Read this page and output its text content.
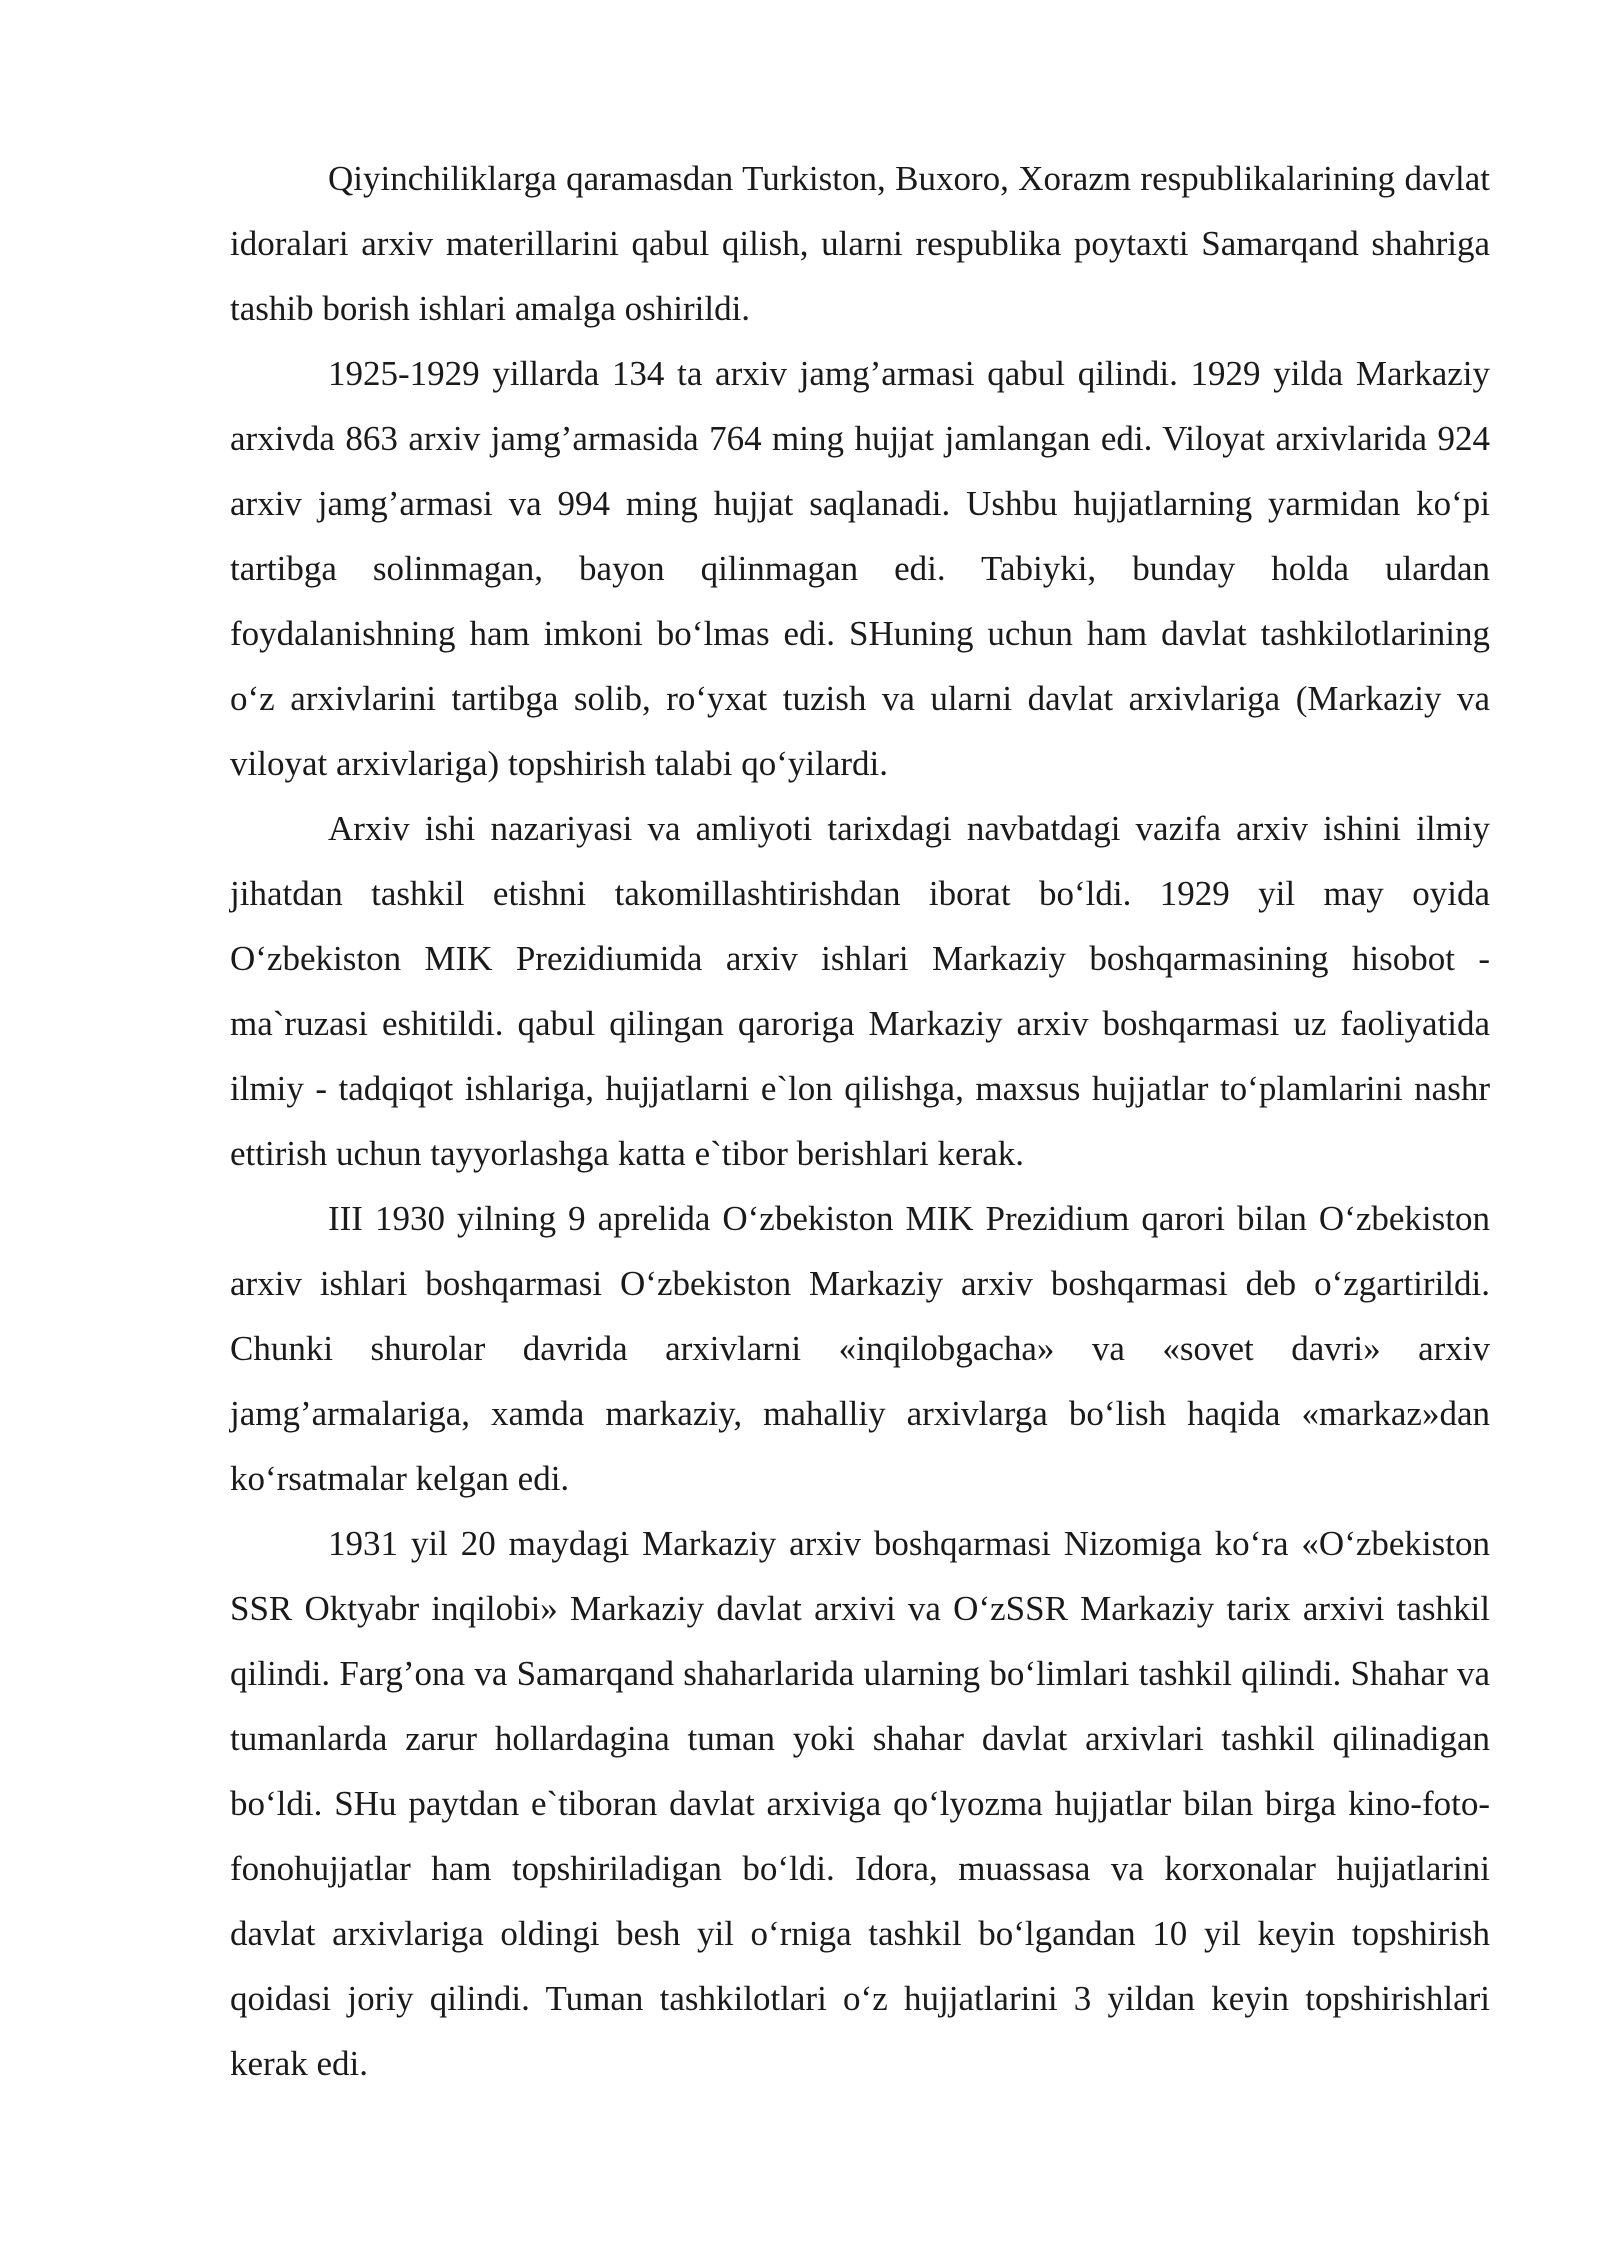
Qiyinchiliklarga qaramasdan Turkiston, Buxoro, Xorazm respublikalarining davlat idoralari arxiv materillarini qabul qilish, ularni respublika poytaxti Samarqand shahriga tashib borish ishlari amalga oshirildi.

1925-1929 yillarda 134 ta arxiv jamg’armasi qabul qilindi. 1929 yilda Markaziy arxivda 863 arxiv jamg’armasida 764 ming hujjat jamlangan edi. Viloyat arxivlarida 924 arxiv jamg’armasi va 994 ming hujjat saqlanadi. Ushbu hujjatlarning yarmidan ko‘pi tartibga solinmagan, bayon qilinmagan edi. Tabiyki, bunday holda ulardan foydalanishning ham imkoni bo‘lmas edi. SHuning uchun ham davlat tashkilotlarining o‘z arxivlarini tartibga solib, ro‘yxat tuzish va ularni davlat arxivlariga (Markaziy va viloyat arxivlariga) topshirish talabi qo‘yilardi.

Arxiv ishi nazariyasi va amliyoti tarixdagi navbatdagi vazifa arxiv ishini ilmiy jihatdan tashkil etishni takomillashtirishdan iborat bo‘ldi. 1929 yil may oyida O‘zbekiston MIK Prezidiumida arxiv ishlari Markaziy boshqarmasining hisobot - ma`ruzasi eshitildi. qabul qilingan qaroriga Markaziy arxiv boshqarmasi uz faoliyatida ilmiy - tadqiqot ishlariga, hujjatlarni e`lon qilishga, maxsus hujjatlar to‘plamlarini nashr ettirish uchun tayyorlashga katta e`tibor berishlari kerak.

III 1930 yilning 9 aprelida O‘zbekiston MIK Prezidium qarori bilan O‘zbekiston arxiv ishlari boshqarmasi O‘zbekiston Markaziy arxiv boshqarmasi deb o‘zgartirildi. Chunki shurolar davrida arxivlarni «inqilobgacha» va «sovet davri» arxiv jamg’armalariga, xamda markaziy, mahalliy arxivlarga bo‘lish haqida «markaz»dan ko‘rsatmalar kelgan edi.

1931 yil 20 maydagi Markaziy arxiv boshqarmasi Nizomiga ko‘ra «O‘zbekiston SSR Oktyabr inqilobi» Markaziy davlat arxivi va O‘zSSR Markaziy tarix arxivi tashkil qilindi. Farg’ona va Samarqand shaharlarida ularning bo‘limlari tashkil qilindi. Shahar va tumanlarda zarur hollardagina tuman yoki shahar davlat arxivlari tashkil qilinadigan bo‘ldi. SHu paytdan e`tiboran davlat arxiviga qo‘lyozma hujjatlar bilan birga kino-foto-fonohujjatlar ham topshiriladigan bo‘ldi. Idora, muassasa va korxonalar hujjatlarini davlat arxivlariga oldingi besh yil o‘rniga tashkil bo‘lgandan 10 yil keyin topshirish qoidasi joriy qilindi. Tuman tashkilotlari o‘z hujjatlarini 3 yildan keyin topshirishlari kerak edi.
